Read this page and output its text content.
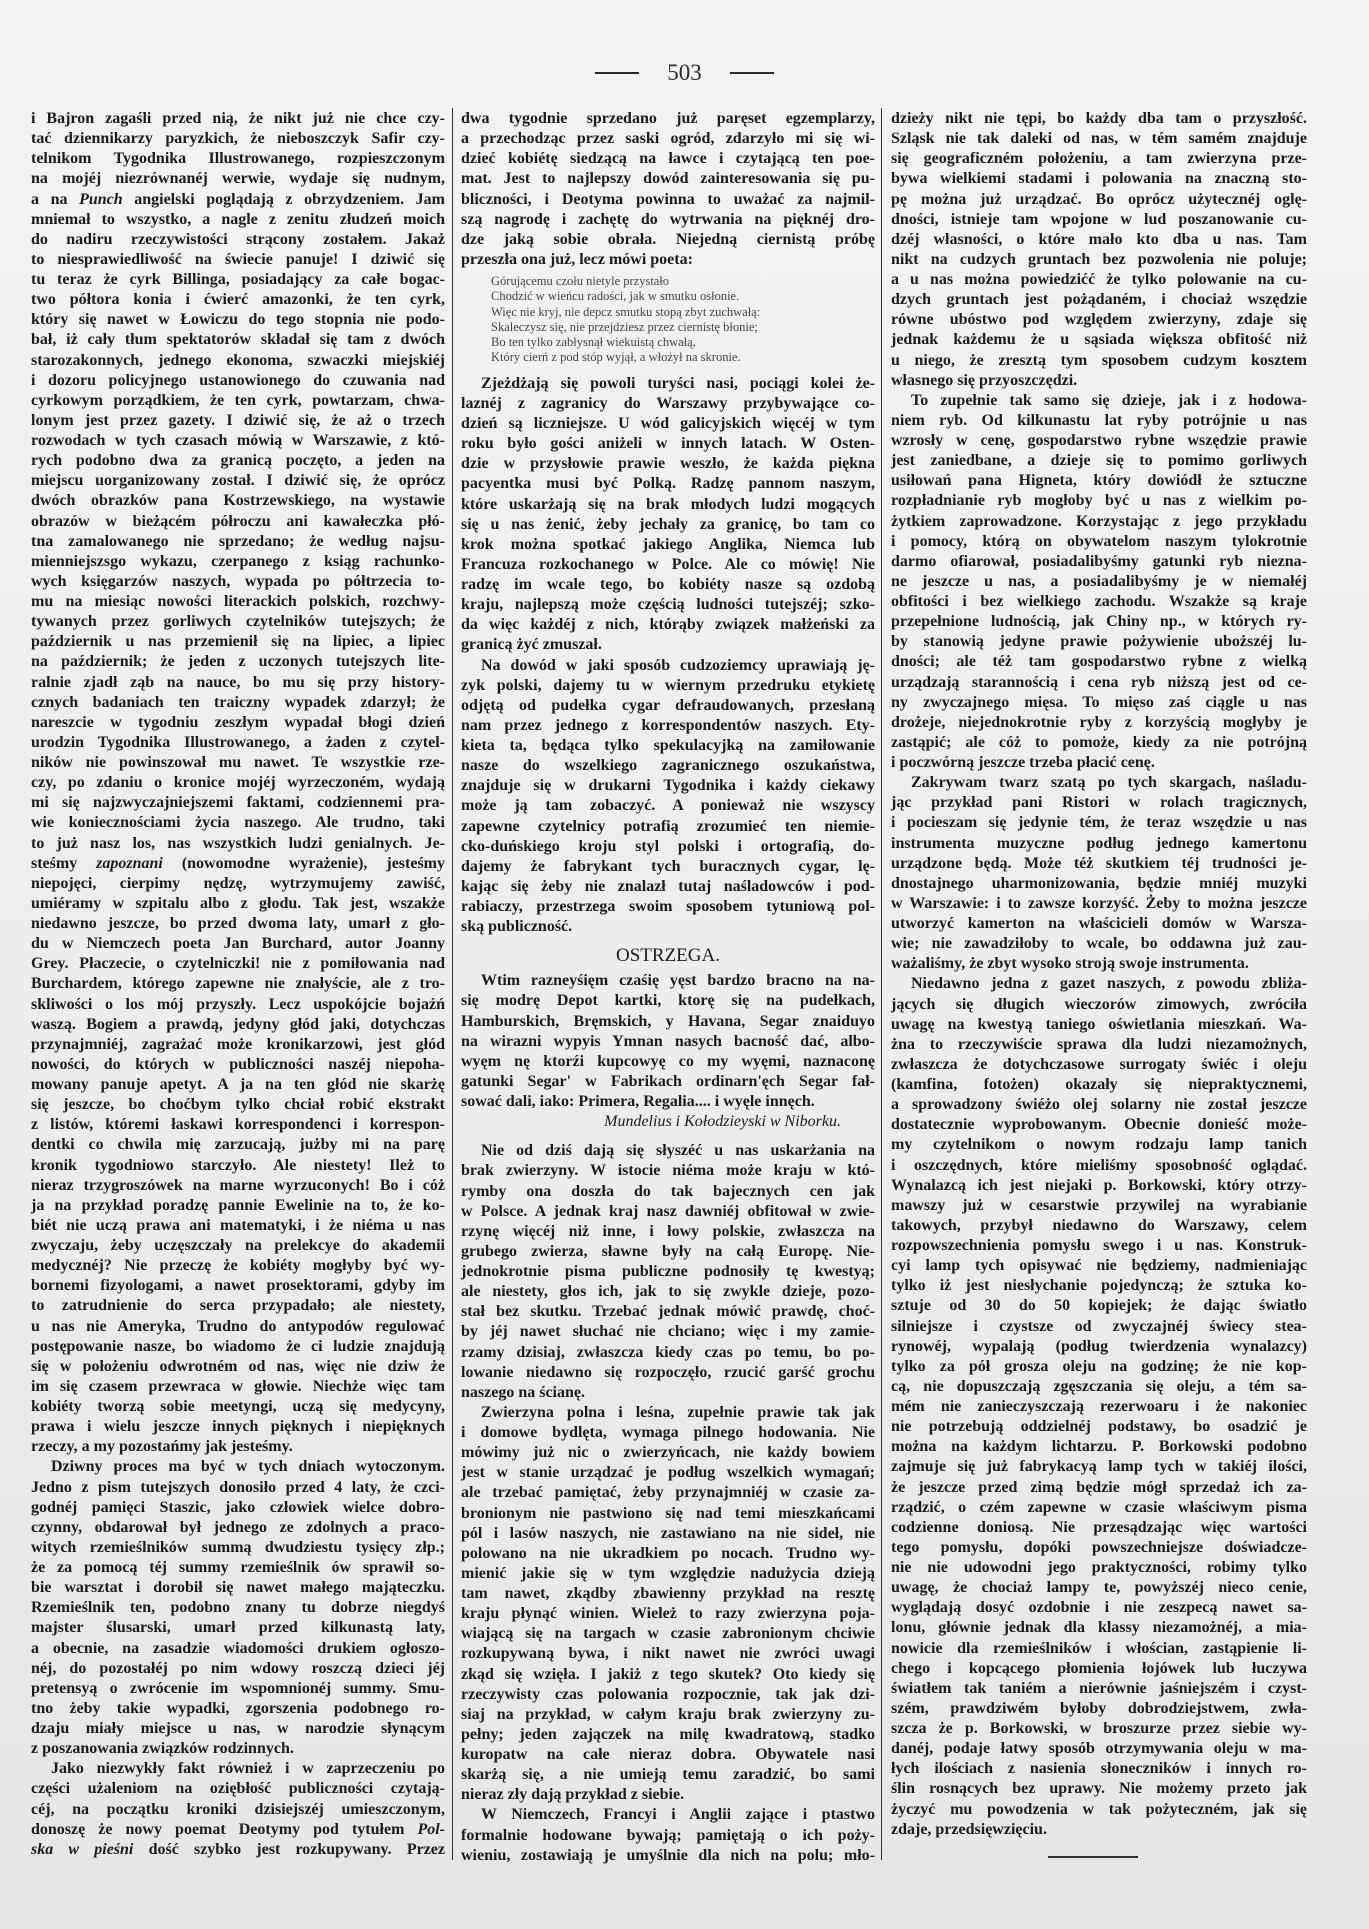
503
i Bajron zagaśli przed nią, że nikt już nie chce czy-
tać dziennikarzy paryzkich, że nieboszczyk Safir czy-
telnikom Tygodnika Illustrowanego, rozpieszczonym
na mojéj niezrównanéj werwie, wydaje się nudnym,
a na Punch angielski poglądają z obrzydzeniem. Jam
mniemał to wszystko, a nagle z zenitu złudzeń moich
do nadiru rzeczywistości strącony zostałem. Jakaż
to niesprawiedliwość na świecie panuje! I dziwić się
tu teraz że cyrk Billinga, posiadający za całe bogac-
two półtora konia i ćwierć amazonki, że ten cyrk,
który się nawet w Łowiczu do tego stopnia nie podo-
bał, iż cały tłum spektatorów składał się tam z dwóch
starozakonnych, jednego ekonoma, szwaczki miejskiéj
i dozoru policyjnego ustanowionego do czuwania nad
cyrkowym porządkiem, że ten cyrk, powtarzam, chwa-
lonym jest przez gazety. I dziwić się, że aż o trzech
rozwodach w tych czasach mówią w Warszawie, z któ-
rych podobno dwa za granicą poczęto, a jeden na
miejscu uorganizowany został. I dziwić się, że oprócz
dwóch obrazków pana Kostrzewskiego, na wystawie
obrazów w bieżącém półroczu ani kawałeczka płó-
tna zamalowanego nie sprzedano; że według najsu-
mienniejszsgo wykazu, czerpanego z ksiąg rachunko-
wych księgarzów naszych, wypada po półtrzecia to-
mu na miesiąc nowości literackich polskich, rozchwy-
tywanych przez gorliwych czytelników tutejszych; że
październik u nas przemienił się na lipiec, a lipiec
na październik; że jeden z uczonych tutejszych lite-
ralnie zjadł ząb na nauce, bo mu się przy history-
cznych badaniach ten traiczny wypadek zdarzył; że
nareszcie w tygodniu zeszłym wypadał błogi dzień
urodzin Tygodnika Illustrowanego, a żaden z czytel-
ników nie powinszował mu nawet. Te wszystkie rze-
czy, po zdaniu o kronice mojéj wyrzeczoném, wydają
mi się najzwyczajniejszemi faktami, codziennemi pra-
wie koniecznościami życia naszego. Ale trudno, taki
to już nasz los, nas wszystkich ludzi genialnych. Je-
steśmy zapoznani (nowomodne wyrażenie), jesteśmy
niepojęci, cierpimy nędzę, wytrzymujemy zawiść,
umiéramy w szpitalu albo z głodu. Tak jest, wszakże
niedawno jeszcze, bo przed dwoma laty, umarł z gło-
du w Niemczech poeta Jan Burchard, autor Joanny
Grey. Płaczecie, o czytelniczki! nie z pomiłowania nad
Burchardem, którego zapewne nie znałyście, ale z tro-
skliwości o los mój przyszły. Lecz uspokójcie bojaźń
waszą. Bogiem a prawdą, jedyny głód jaki, dotychczas
przynajmniéj, zagrażać może kronikarzowi, jest głód
nowości, do których w publiczności naszéj niepoha-
mowany panuje apetyt. A ja na ten głód nie skarżę
się jeszcze, bo choćbym tylko chciał robić ekstrakt
z listów, któremi łaskawi korrespondenci i korrespon-
dentki co chwila mię zarzucają, jużby mi na parę
kronik tygodniowo starczyło. Ale niestety! Ileż to
nieraz trzygroszówek na marne wyrzuconych! Bo i cóż
ja na przykład poradzę pannie Ewelinie na to, że ko-
biét nie uczą prawa ani matematyki, i że niéma u nas
zwyczaju, żeby uczęszczały na prelekcye do akademii
medycznéj? Nie przeczę że kobiéty mogłyby być wy-
bornemi fizyologami, a nawet prosektorami, gdyby im
to zatrudnienie do serca przypadało; ale niestety,
u nas nie Ameryka, Trudno do antypodów regulować
postępowanie nasze, bo wiadomo że ci ludzie znajdują
się w położeniu odwrotném od nas, więc nie dziw że
im się czasem przewraca w głowie. Niechże więc tam
kobiéty tworzą sobie meetyngi, uczą się medycyny,
prawa i wielu jeszcze innych pięknych i niepięknych
rzeczy, a my pozostańmy jak jesteśmy.
Dziwny proces ma być w tych dniach wytoczonym.
Jedno z pism tutejszych donosiło przed 4 laty, że czci-
godnéj pamięci Staszic, jako człowiek wielce dobro-
czynny, obdarował był jednego ze zdolnych a praco-
witych rzemieślników summą dwudziestu tysięcy złp.;
że za pomocą téj summy rzemieślnik ów sprawił so-
bie warsztat i dorobił się nawet małego mająteczku.
Rzemieślnik ten, podobno znany tu dobrze niegdyś
majster ślusarski, umarł przed kilkunastą laty,
a obecnie, na zasadzie wiadomości drukiem ogłoszo-
néj, do pozostałéj po nim wdowy roszczą dzieci jéj
pretensyą o zwrócenie im wspomnionéj summy. Smu-
tno żeby takie wypadki, zgorszenia podobnego ro-
dzaju miały miejsce u nas, w narodzie słynącym
z poszanowania związków rodzinnych.
Jako niezwykły fakt również i w zaprzeczeniu po
części użaleniom na oziębłość publiczności czytają-
céj, na początku kroniki dzisiejszéj umieszczonym,
donoszę że nowy poemat Deotymy pod tytułem Pol-
ska w pieśni dość szybko jest rozkupywany. Przez
dwa tygodnie sprzedano już paręset egzemplarzy,
a przechodząc przez saski ogród, zdarzyło mi się wi-
dzieć kobiétę siedzącą na ławce i czytającą ten poe-
mat. Jest to najlepszy dowód zainteresowania się pu-
bliczności, i Deotyma powinna to uważać za najmil-
szą nagrodę i zachętę do wytrwania na pięknéj dro-
dze jaką sobie obrała. Niejedną ciernistą próbę
przeszła ona już, lecz mówi poeta:
Górującemu czołu nietyle przystało
Chodzić w wieńcu radości, jak w smutku osłonie.
Więc nie kryj, nie depcz smutku stopą zbyt zuchwałą:
Skaleczysz się, nie przejdziesz przez ciernistę błonie;
Bo ten tylko zabłysnął wiekuistą chwałą,
Który cierń z pod stóp wyjął, a włożył na skronie.
Zjeżdżają się powoli turyści nasi, pociągi kolei że-
laznéj z zagranicy do Warszawy przybywające co-
dzień są liczniejsze. U wód galicyjskich więcéj w tym
roku było gości aniżeli w innych latach. W Osten-
dzie w przysłowie prawie weszło, że każda piękna
pacyentka musi być Polką. Radzę pannom naszym,
które uskarżają się na brak młodych ludzi mogących
się u nas żenić, żeby jechały za granicę, bo tam co
krok można spotkać jakiego Anglika, Niemca lub
Francuza rozkochanego w Polce. Ale co mówię! Nie
radzę im wcale tego, bo kobiéty nasze są ozdobą
kraju, najlepszą może częścią ludności tutejszéj; szko-
da więc każdéj z nich, którąby związek małżeński za
granicą żyć zmuszał.
Na dowód w jaki sposób cudzoziemcy uprawiają ję-
zyk polski, dajemy tu w wiernym przedruku etykietę
odjętą od pudełka cygar defraudowanych, przesłaną
nam przez jednego z korrespondentów naszych. Ety-
kieta ta, będąca tylko spekulacyjką na zamiłowanie
nasze do wszelkiego zagranicznego oszukaństwa,
znajduje się w drukarni Tygodnika i każdy ciekawy
może ją tam zobaczyć. A ponieważ nie wszyscy
zapewne czytelnicy potrafią zrozumieć ten niemie-
cko-duńskiego kroju styl polski i ortografią, do-
dajemy że fabrykant tych buracznych cygar, lę-
kając się żeby nie znalazł tutaj naśladowców i pod-
rabiaczy, przestrzega swoim sposobem tytuniową pol-
ską publiczność.
OSTRZEGA.
Wtim razneyśięm czaśię yęst bardzo bracno na na-
się modrę Depot kartki, ktorę się na pudełkach,
Hamburskich, Bręmskich, y Havana, Segar znaiduyo
na wirazni wypyis Ymnan nasych bacność dać, albo-
wyęm nę ktorźi kupcowyę co my wyęmi, naznaconę
gatunki Segar' w Fabrikach ordinarn'ęch Segar fał-
sować dali, iako: Primera, Regalia.... i wyęle innęch.
Mundelius i Kołodzieyski w Niborku.
Nie od dziś dają się słyszéć u nas uskarżania na
brak zwierzyny. W istocie niéma może kraju w któ-
rymby ona doszła do tak bajecznych cen jak
w Polsce. A jednak kraj nasz dawniéj obfitował w zwie-
rzynę więcéj niż inne, i łowy polskie, zwłaszcza na
grubego zwierza, sławne były na całą Europę. Nie-
jednokrotnie pisma publiczne podnosiły tę kwestyą;
ale niestety, głos ich, jak to się zwykle dzieje, pozo-
stał bez skutku. Trzebać jednak mówić prawdę, choć-
by jéj nawet słuchać nie chciano; więc i my zamie-
rzamy dzisiaj, zwłaszcza kiedy czas po temu, bo po-
lowanie niedawno się rozpoczęło, rzucić garść grochu
naszego na ścianę.
Zwierzyna polna i leśna, zupełnie prawie tak jak
i domowe bydlęta, wymaga pilnego hodowania. Nie
mówimy już nic o zwierzyńcach, nie każdy bowiem
jest w stanie urządzać je podług wszelkich wymagań;
ale trzebać pamiętać, żeby przynajmniéj w czasie za-
bronionym nie pastwiono się nad temi mieszkańcami
pól i lasów naszych, nie zastawiano na nie sideł, nie
polowano na nie ukradkiem po nocach. Trudno wy-
mienić jakie się w tym względzie nadużycia dzieją
tam nawet, zkądby zbawienny przykład na resztę
kraju płynąć winien. Wieleż to razy zwierzyna poja-
wiającą się na targach w czasie zabronionym chciwie
rozkupywaną bywa, i nikt nawet nie zwróci uwagi
zkąd się wzięła. I jakiż z tego skutek? Oto kiedy się
rzeczywisty czas polowania rozpocznie, tak jak dzi-
siaj na przykład, w całym kraju brak zwierzyny zu-
pełny; jeden zajączek na milę kwadratową, stadko
kuropatw na całe nieraz dobra. Obywatele nasi
skarżą się, a nie umieją temu zaradzić, bo sami
nieraz zły dają przykład z siebie.
W Niemczech, Francyi i Anglii zające i ptastwo
formalnie hodowane bywają; pamiętają o ich poży-
wieniu, zostawiają je umyślnie dla nich na polu; mło-
dzieży nikt nie tępi, bo każdy dba tam o przyszłość.
Szląsk nie tak daleki od nas, w tém samém znajduje
się geograficzném położeniu, a tam zwierzyna prze-
bywa wielkiemi stadami i polowania na znaczną sto-
pę można już urządzać. Bo oprócz użytecznéj oglę-
dności, istnieje tam wpojone w lud poszanowanie cu-
dzéj własności, o które mało kto dba u nas. Tam
nikt na cudzych gruntach bez pozwolenia nie poluje;
a u nas można powiedzićć że tylko polowanie na cu-
dzych gruntach jest pożądaném, i chociaż wszędzie
równe ubóstwo pod względem zwierzyny, zdaje się
jednak każdemu że u sąsiada większa obfitość niż
u niego, że zresztą tym sposobem cudzym kosztem
własnego się przyoszczędzi.
To zupełnie tak samo się dzieje, jak i z hodowa-
niem ryb. Od kilkunastu lat ryby potrójnie u nas
wzrosły w cenę, gospodarstwo rybne wszędzie prawie
jest zaniedbane, a dzieje się to pomimo gorliwych
usiłowań pana Higneta, który dowiódł że sztuczne
rozpładnianie ryb mogłoby być u nas z wielkim po-
żytkiem zaprowadzone. Korzystając z jego przykładu
i pomocy, którą on obywatelom naszym tylokrotnie
darmo ofiarował, posiadalibyśmy gatunki ryb niezna-
ne jeszcze u nas, a posiadalibyśmy je w niemałéj
obfitości i bez wielkiego zachodu. Wszakże są kraje
przepełnione ludnością, jak Chiny np., w których ry-
by stanowią jedyne prawie pożywienie uboższéj lu-
dności; ale téż tam gospodarstwo rybne z wielką
urządzają starannością i cena ryb niższą jest od ce-
ny zwyczajnego mięsa. To mięso zaś ciągle u nas
drożeje, niejednokrotnie ryby z korzyścią mogłyby je
zastąpić; ale cóż to pomoże, kiedy za nie potrójną
i poczwórną jeszcze trzeba płacić cenę.
Zakrywam twarz szatą po tych skargach, naśladu-
jąc przykład pani Ristori w rolach tragicznych,
i pocieszam się jedynie tém, że teraz wszędzie u nas
instrumenta muzyczne podług jednego kamertonu
urządzone będą. Może téż skutkiem téj trudności je-
dnostajnego uharmonizowania, będzie mniéj muzyki
w Warszawie: i to zawsze korzyść. Żeby to można jeszcze
utworzyć kamerton na właścicieli domów w Warsza-
wie; nie zawadziłoby to wcale, bo oddawna już zau-
ważaliśmy, że zbyt wysoko stroją swoje instrumenta.
Niedawno jedna z gazet naszych, z powodu zbliża-
jących się długich wieczorów zimowych, zwróciła
uwagę na kwestyą taniego oświetlania mieszkań. Wa-
żna to rzeczywiście sprawa dla ludzi niezamożnych,
zwłaszcza że dotychczasowe surrogaty świéc i oleju
(kamfina, fotożen) okazały się niepraktycznemi,
a sprowadzony świéżo olej solarny nie został jeszcze
dostatecznie wyprobowanym. Obecnie donieść może-
my czytelnikom o nowym rodzaju lamp tanich
i oszczędnych, które mieliśmy sposobność oglądać.
Wynalazcą ich jest niejaki p. Borkowski, który otrzy-
mawszy już w cesarstwie przywilej na wyrabianie
takowych, przybył niedawno do Warszawy, celem
rozpowszechnienia pomysłu swego i u nas. Konstruk-
cyi lamp tych opisywać nie będziemy, nadmieniając
tylko iż jest niesłychanie pojedynczą; że sztuka ko-
sztuje od 30 do 50 kopiejek; że dając światło
silniejsze i czystsze od zwyczajnéj świecy stea-
rynowéj, wypalają (podług twierdzenia wynalazcy)
tylko za pół grosza oleju na godzinę; że nie kop-
cą, nie dopuszczają zgęszczania się oleju, a tém sa-
mém nie zanieczyszczają rezerwoaru i że nakoniec
nie potrzebują oddzielnéj podstawy, bo osadzić je
można na każdym lichtarzu. P. Borkowski podobno
zajmuje się już fabrykacyą lamp tych w takiéj ilości,
że jeszcze przed zimą będzie mógł sprzedaż ich za-
rządzić, o czém zapewne w czasie właściwym pisma
codzienne doniosą. Nie przesądzając więc wartości
tego pomysłu, dopóki powszechniejsze doświadcze-
nie nie udowodni jego praktyczności, robimy tylko
uwagę, że chociaż lampy te, powyższéj nieco cenie,
wyglądają dosyć ozdobnie i nie zeszpecą nawet sa-
lonu, głównie jednak dla klassy niezamożnéj, a mia-
nowicie dla rzemieślników i włościan, zastąpienie li-
chego i kopcącego płomienia łojówek lub łuczywa
światłem tak taniém a nierównie jaśniejszém i czyst-
szém, prawdziwém byłoby dobrodziejstwem, zwła-
szcza że p. Borkowski, w broszurze przez siebie wy-
danéj, podaje łatwy sposób otrzymywania oleju w ma-
łych ilościach z nasienia słoneczników i innych ro-
ślin rosnących bez uprawy. Nie możemy przeto jak
życzyć mu powodzenia w tak pożyteczném, jak się
zdaje, przedsięwzięciu.
